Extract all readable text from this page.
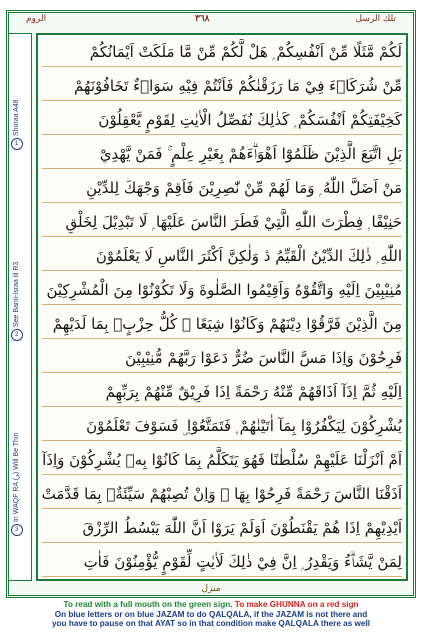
الروم	٣٦٨	تلك الرسل
1 Shuraa A48
2 See Banii-Israa iil R3
3 In WAQF RA (ﺮ) Will Be Thin
لَكُمْ مَّثَلًا مِّنْ اَنْفُسِكُمْ ۭ هَلْ لَّكُمْ مِّنْ مَّا مَلَكَتْ اَيْمَانُكُمْ
مِّنْ شُرَكَاۗءَ فِيْ مَا رَزَقْنٰكُمْ فَاَنْتُمْ فِيْهِ سَوَاۗءٌ تَخَافُوْنَهُمْ
كَخِيْفَتِكُمْ اَنْفُسَكُمْ ۭ كَذٰلِكَ نُفَصِّلُ الْاٰيٰتِ لِقَوْمٍ يَّعْقِلُوْنَ
بَلِ اتَّبَعَ الَّذِيْنَ ظَلَمُوْٓا اَهْوَاۗءَهُمْ بِغَيْرِ عِلْمٍ ۚ فَمَنْ يَّهْدِيْ
مَنْ اَضَلَّ اللّٰهُ ۭ وَمَا لَهُمْ مِّنْ نّٰصِرِيْنَ فَاَقِمْ وَجْهَكَ لِلدِّيْنِ
حَنِيْفًا ۭ فِطْرَتَ اللّٰهِ الَّتِيْ فَطَرَ النَّاسَ عَلَيْهَا ۭ لَا تَبْدِيْلَ لِخَلْقِ
اللّٰهِ ۭ ذٰلِكَ الدِّيْنُ الْقَيِّمُ ڎ وَلٰكِنَّ اَكْثَرَ النَّاسِ لَا يَعْلَمُوْنَ
مُنِيْبِيْنَ اِلَيْهِ وَاتَّقُوْهُ وَاَقِيْمُوا الصَّلٰوةَ وَلَا تَكُوْنُوْا مِنَ الْمُشْرِكِيْنَ
مِنَ الَّذِيْنَ فَرَّقُوْا دِيْنَهُمْ وَكَانُوْا شِيَعًا ۭ كُلُّ حِزْبٍۢ بِمَا لَدَيْهِمْ
فَرِحُوْنَ وَاِذَا مَسَّ النَّاسَ ضُرٌّ دَعَوْا رَبَّهُمْ مُّنِيْبِيْنَ
اِلَيْهِ ثُمَّ اِذَآ اَذَاقَهُمْ مِّنْهُ رَحْمَةً اِذَا فَرِيْقٌ مِّنْهُمْ بِرَبِّهِمْ
يُشْرِكُوْنَ لِيَكْفُرُوْا بِمَآ اٰتَيْنٰهُمْ ۭ فَتَمَتَّعُوْا ۣ فَسَوْفَ تَعْلَمُوْنَ
اَمْ اَنْزَلْنَا عَلَيْهِمْ سُلْطٰنًا فَهُوَ يَتَكَلَّمُ بِمَا كَانُوْا بِهٖ يُشْرِكُوْنَ وَاِذَآ
اَذَقْنَا النَّاسَ رَحْمَةً فَرِحُوْا بِهَا ۭ وَاِنْ تُصِبْهُمْ سَيِّئَةٌۢ بِمَا قَدَّمَتْ
اَيْدِيْهِمْ اِذَا هُمْ يَقْنَطُوْنَ اَوَلَمْ يَرَوْا اَنَّ اللّٰهَ يَبْسُطُ الرِّزْقَ
لِمَنْ يَّشَاۗءُ وَيَقْدِرُ ۭ اِنَّ فِيْ ذٰلِكَ لَاٰيٰتٍ لِّقَوْمٍ يُّؤْمِنُوْنَ فَاٰتِ
منزل
To read with a full mouth on the green sign. To make GHUNNA on a red sign
On blue letters or on blue JAZAM to do QALQALA, if the JAZAM is not there and
you have to pause on that AYAT so in that condition make QALQALA there as well
